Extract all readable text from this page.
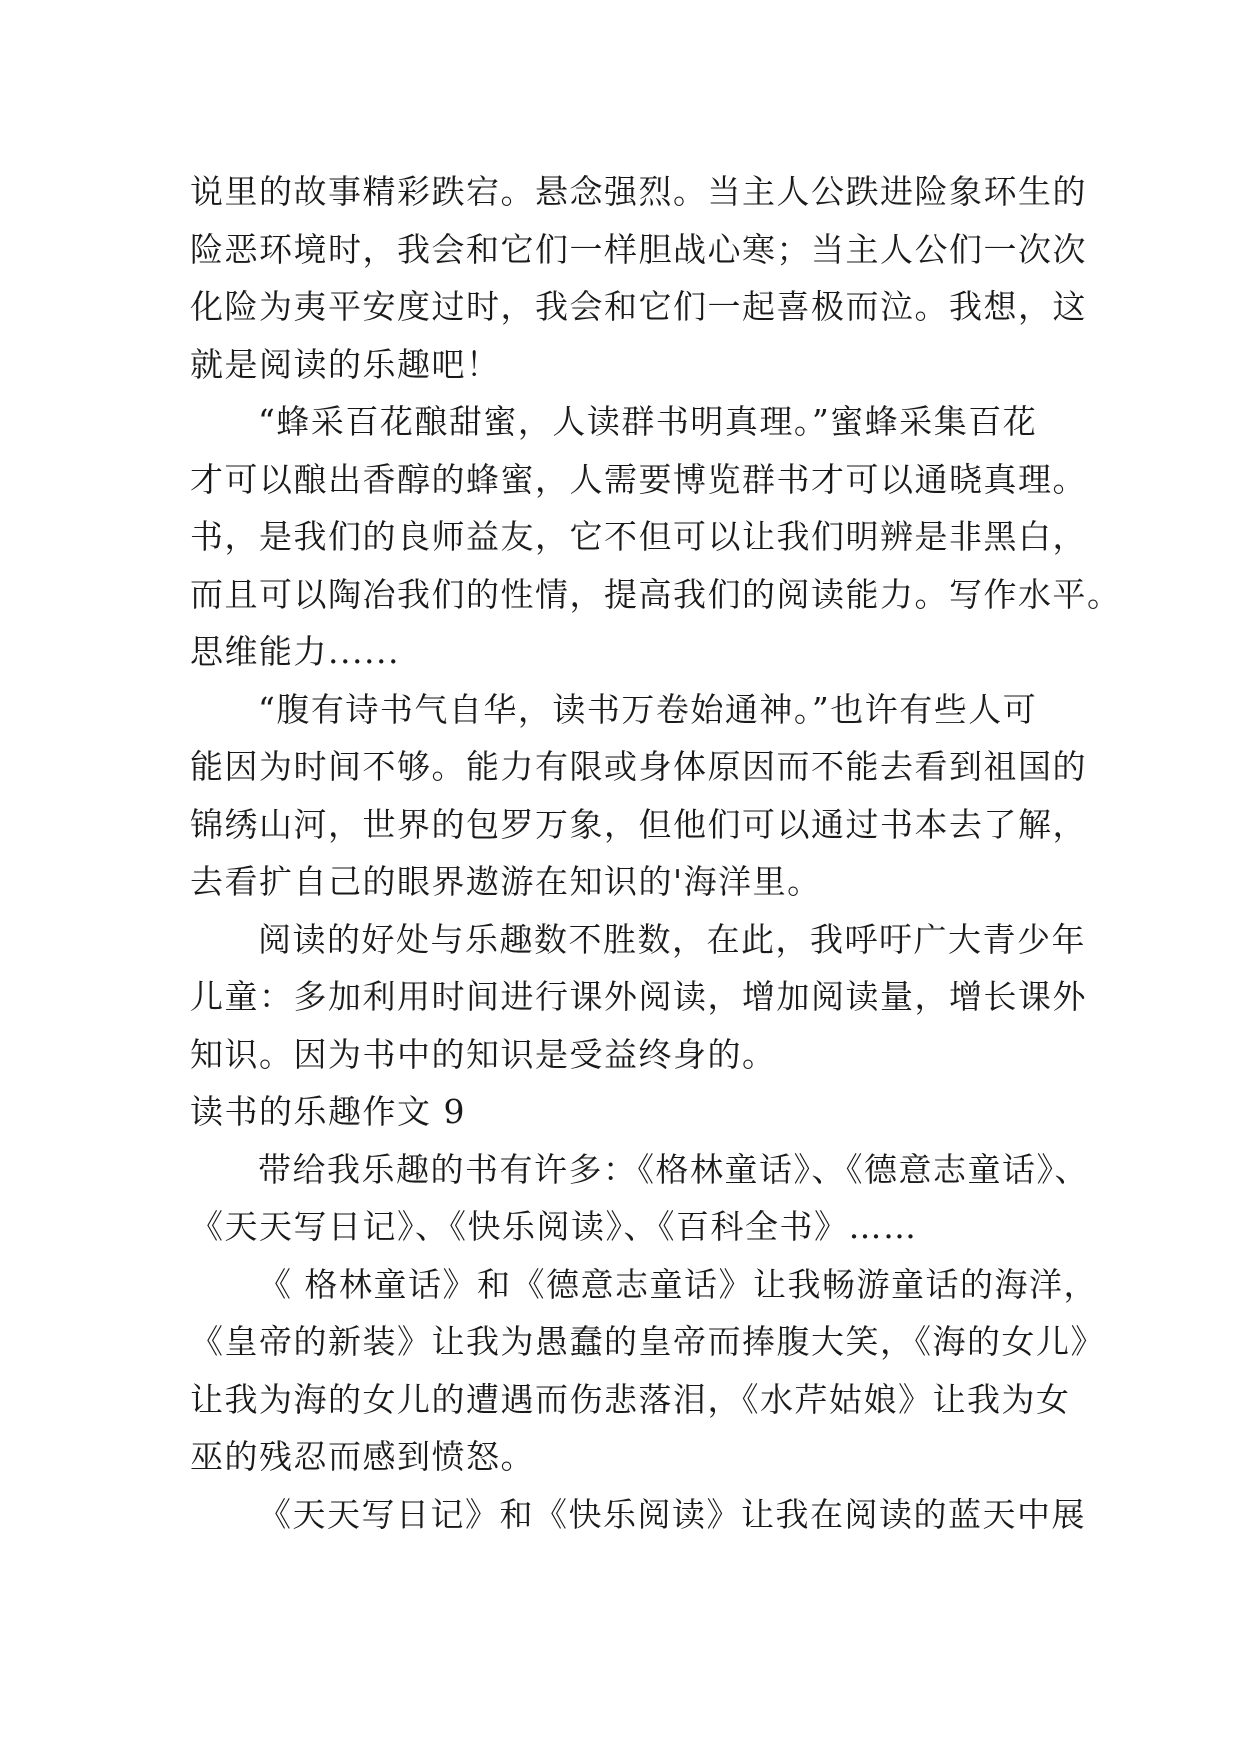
说里的故事精彩跌宕。悬念强烈。当主人公跌进险象环生的
险恶环境时，我会和它们一样胆战心寒；当主人公们一次次
化险为夷平安度过时，我会和它们一起喜极而泣。我想，这
就是阅读的乐趣吧！
“蜂采百花酿甜蜜，人读群书明真理。”蜜蜂采集百花
才可以酿出香醇的蜂蜜，人需要博览群书才可以通晓真理。
书，是我们的良师益友，它不但可以让我们明辨是非黑白，
而且可以陶冶我们的性情，提高我们的阅读能力。写作水平。
思维能力......
“腹有诗书气自华，读书万卷始通神。”也许有些人可
能因为时间不够。能力有限或身体原因而不能去看到祖国的
锦绣山河，世界的包罗万象，但他们可以通过书本去了解，
去看扩自己的眼界遨游在知识的'海洋里。
阅读的好处与乐趣数不胜数，在此，我呼吁广大青少年
儿童：多加利用时间进行课外阅读，增加阅读量，增长课外
知识。因为书中的知识是受益终身的。
读书的乐趣作文 9
带给我乐趣的书有许多：《格林童话》、《德意志童话》、
《天天写日记》、《快乐阅读》、《百科全书》……
《 格林童话》和《德意志童话》让我畅游童话的海洋，
《皇帝的新装》让我为愚蠢的皇帝而捧腹大笑，《海的女儿》
让我为海的女儿的遭遇而伤悲落泪，《水芹姑娘》让我为女
巫的残忍而感到愤怒。
《天天写日记》和《快乐阅读》让我在阅读的蓝天中展
